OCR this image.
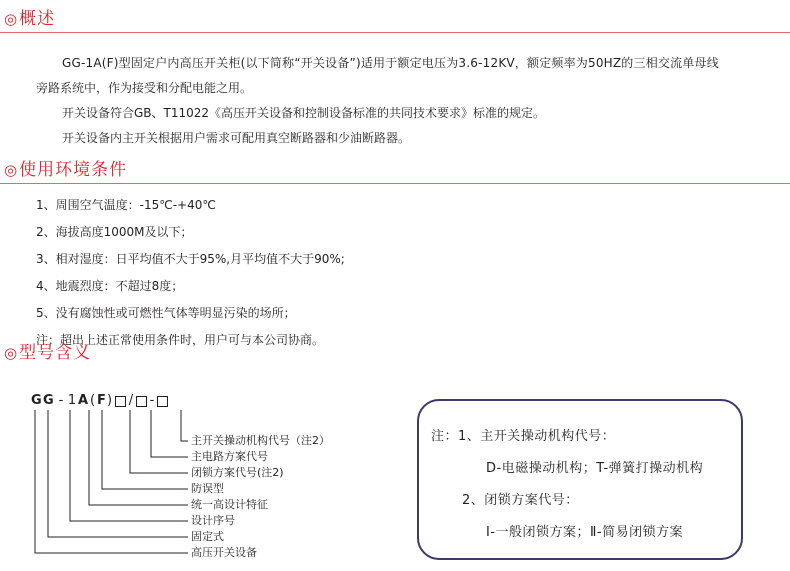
◎概述
GG-1A(F)型固定户内高压开关柜(以下简称“开关设备”)适用于额定电压为3.6-12KV，额定频率为50HZ的三相交流单母线
旁路系统中，作为接受和分配电能之用。
开关设备符合GB、T11022《高压开关设备和控制设备标准的共同技术要求》标准的规定。
开关设备内主开关根据用户需求可配用真空断路器和少油断路器。
◎使用环境条件
1、周围空气温度：-15℃-+40℃
2、海拔高度1000M及以下；
3、相对湿度：日平均值不大于95%,月平均值不大于90%;
4、地震烈度：不超过8度；
5、没有腐蚀性或可燃性气体等明显污染的场所；
注：超出上述正常使用条件时，用户可与本公司协商。
◎型号含义
GG - 1 A ( F) / -
主开关操动机构代号（注2）
主电路方案代号
闭锁方案代号(注2)
防误型
统一高设计特征
设计序号
固定式
高压开关设备
注：1、主开关操动机构代号：
D-电磁操动机构；T-弹簧打操动机构
2、闭锁方案代号：
Ⅰ-一般闭锁方案；Ⅱ-简易闭锁方案
